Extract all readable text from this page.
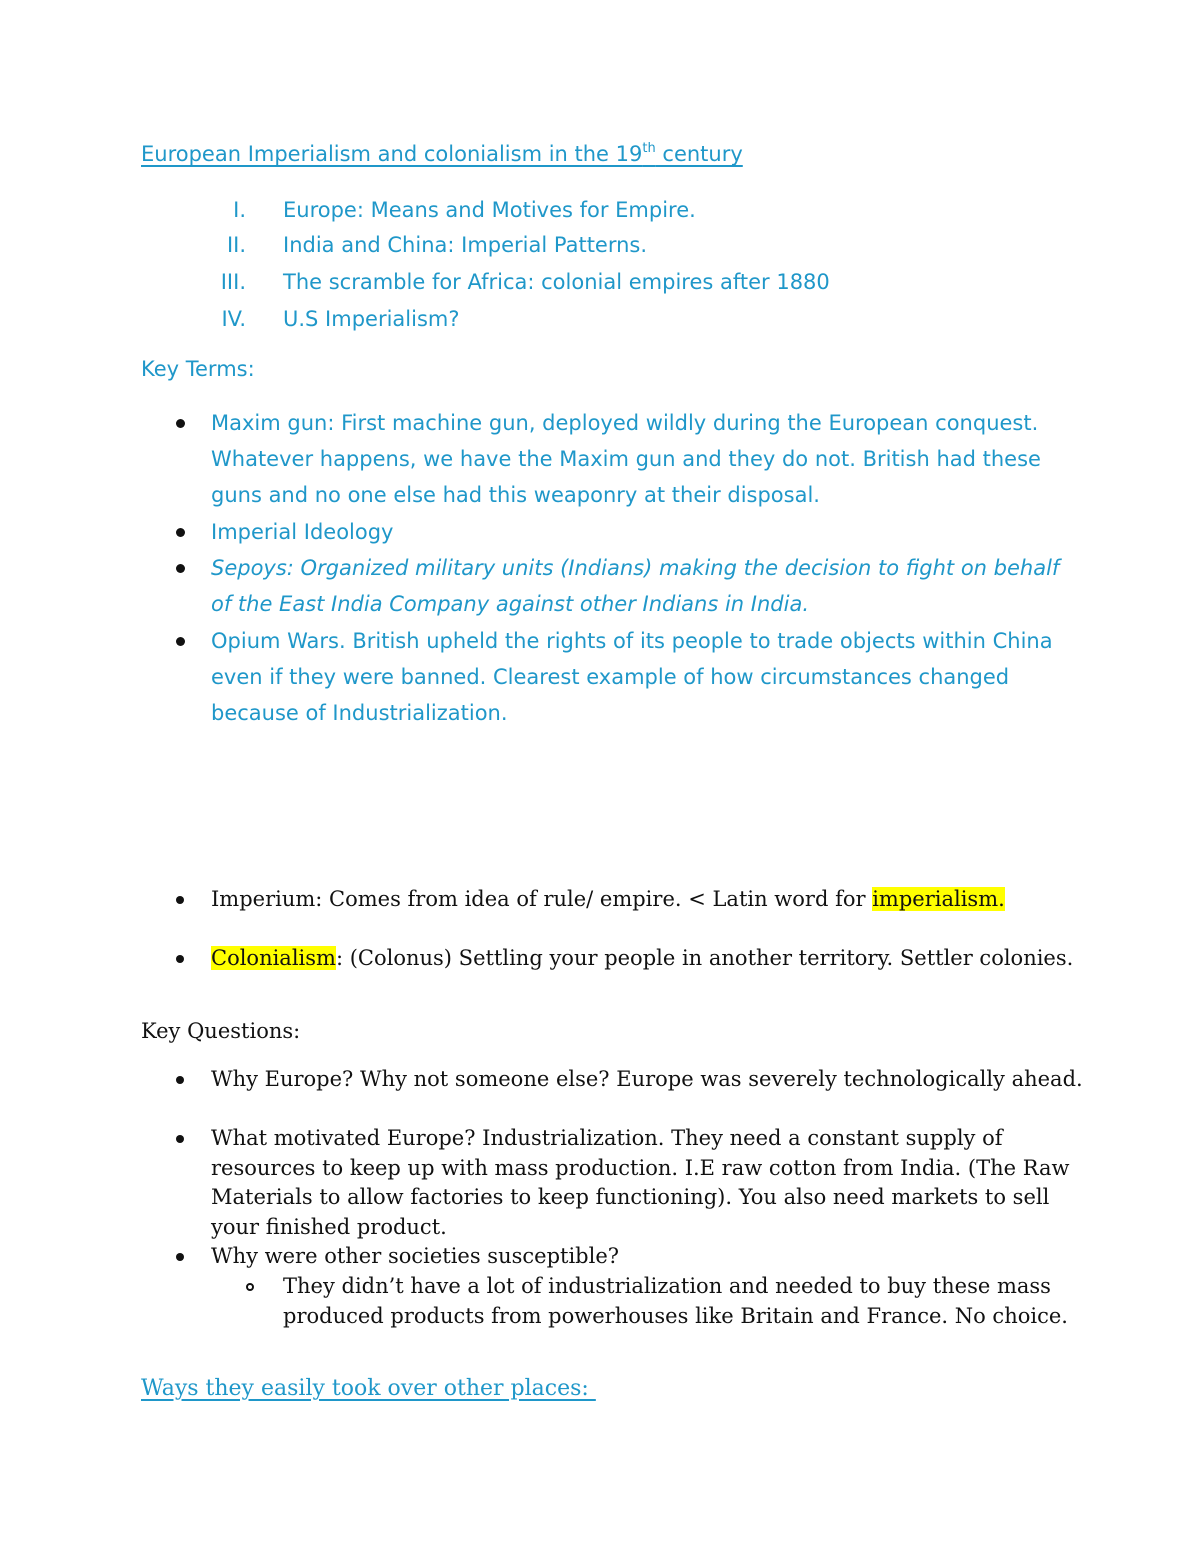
European Imperialism and colonialism in the 19th century
I. Europe: Means and Motives for Empire.
II. India and China: Imperial Patterns.
III. The scramble for Africa: colonial empires after 1880
IV. U.S Imperialism?
Key Terms:
Maxim gun: First machine gun, deployed wildly during the European conquest. Whatever happens, we have the Maxim gun and they do not. British had these guns and no one else had this weaponry at their disposal.
Imperial Ideology
Sepoys: Organized military units (Indians) making the decision to fight on behalf of the East India Company against other Indians in India.
Opium Wars. British upheld the rights of its people to trade objects within China even if they were banned. Clearest example of how circumstances changed because of Industrialization.
Imperium: Comes from idea of rule/ empire. < Latin word for imperialism.
Colonialism: (Colonus) Settling your people in another territory. Settler colonies.
Key Questions:
Why Europe? Why not someone else? Europe was severely technologically ahead.
What motivated Europe? Industrialization. They need a constant supply of resources to keep up with mass production. I.E raw cotton from India. (The Raw Materials to allow factories to keep functioning). You also need markets to sell your finished product.
Why were other societies susceptible?
They didn’t have a lot of industrialization and needed to buy these mass produced products from powerhouses like Britain and France. No choice.
Ways they easily took over other places:
